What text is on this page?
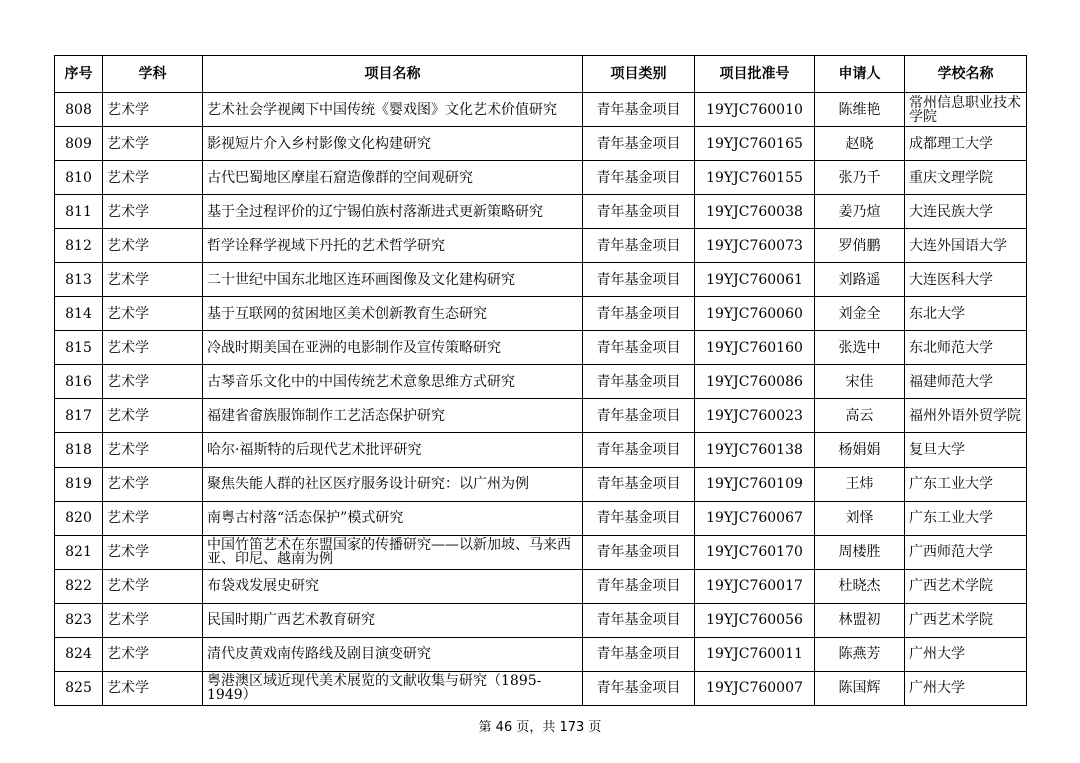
序号	学科	项目名称	项目类别	项目批准号	申请人	学校名称
808	艺术学	艺术社会学视阈下中国传统《婴戏图》文化艺术价值研究	青年基金项目	19YJC760010	陈维艳	常州信息职业技术学院
809	艺术学	影视短片介入乡村影像文化构建研究	青年基金项目	19YJC760165	赵晓	成都理工大学
810	艺术学	古代巴蜀地区摩崖石窟造像群的空间观研究	青年基金项目	19YJC760155	张乃千	重庆文理学院
811	艺术学	基于全过程评价的辽宁锡伯族村落渐进式更新策略研究	青年基金项目	19YJC760038	姜乃煊	大连民族大学
812	艺术学	哲学诠释学视域下丹托的艺术哲学研究	青年基金项目	19YJC760073	罗俏鹏	大连外国语大学
813	艺术学	二十世纪中国东北地区连环画图像及文化建构研究	青年基金项目	19YJC760061	刘路遥	大连医科大学
814	艺术学	基于互联网的贫困地区美术创新教育生态研究	青年基金项目	19YJC760060	刘金全	东北大学
815	艺术学	冷战时期美国在亚洲的电影制作及宣传策略研究	青年基金项目	19YJC760160	张选中	东北师范大学
816	艺术学	古琴音乐文化中的中国传统艺术意象思维方式研究	青年基金项目	19YJC760086	宋佳	福建师范大学
817	艺术学	福建省畲族服饰制作工艺活态保护研究	青年基金项目	19YJC760023	高云	福州外语外贸学院
818	艺术学	哈尔·福斯特的后现代艺术批评研究	青年基金项目	19YJC760138	杨娟娟	复旦大学
819	艺术学	聚焦失能人群的社区医疗服务设计研究：以广州为例	青年基金项目	19YJC760109	王炜	广东工业大学
820	艺术学	南粤古村落“活态保护”模式研究	青年基金项目	19YJC760067	刘怿	广东工业大学
821	艺术学	中国竹笛艺术在东盟国家的传播研究——以新加坡、马来西亚、印尼、越南为例	青年基金项目	19YJC760170	周楼胜	广西师范大学
822	艺术学	布袋戏发展史研究	青年基金项目	19YJC760017	杜晓杰	广西艺术学院
823	艺术学	民国时期广西艺术教育研究	青年基金项目	19YJC760056	林盟初	广西艺术学院
824	艺术学	清代皮黄戏南传路线及剧目演变研究	青年基金项目	19YJC760011	陈燕芳	广州大学
825	艺术学	粤港澳区域近现代美术展览的文献收集与研究（1895-1949）	青年基金项目	19YJC760007	陈国辉	广州大学
第 46 页，共 173 页
